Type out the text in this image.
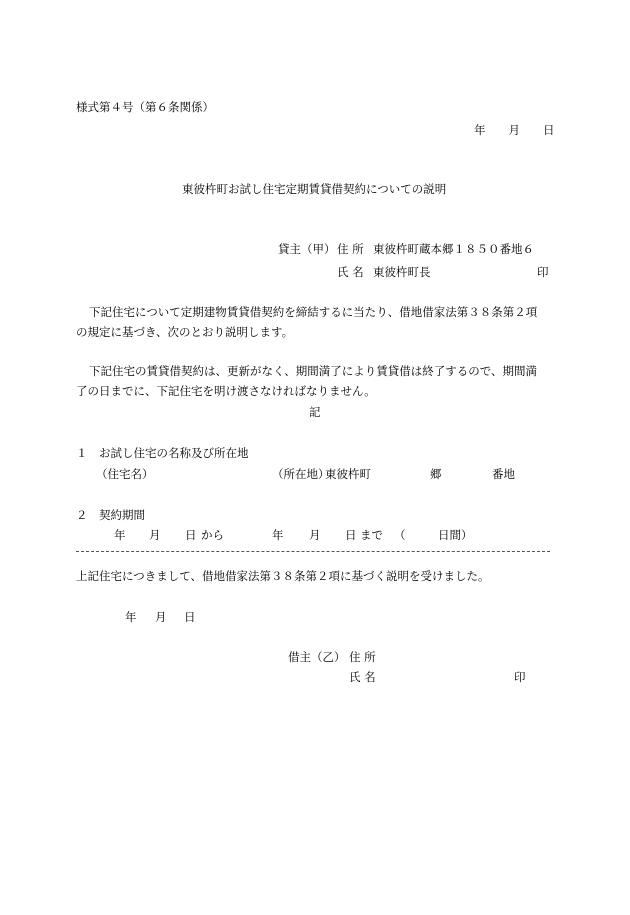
様式第４号（第６条関係）
年　　月　　日
東彼杵町お試し住宅定期賃貸借契約についての説明
貸主（甲） 住 所 東彼杵町蔵本郷１８５０番地６
氏 名 東彼杵町長	印
下記住宅について定期建物賃貸借契約を締結するに当たり、借地借家法第３８条第２項
の規定に基づき、次のとおり説明します。
下記住宅の賃貸借契約は、更新がなく、期間満了により賃貸借は終了するので、期間満
了の日までに、下記住宅を明け渡さなければなりません。
記
１　お試し住宅の名称及び所在地
（住宅名）	（所在地）
東彼杵町	郷	番地
２　契約期間
年 月 日 から	年 月 日 まで （	日間）
上記住宅につきまして、借地借家法第３８条第２項に基づく説明を受けました。
年 月 日
借主（乙） 住 所
氏 名	印
